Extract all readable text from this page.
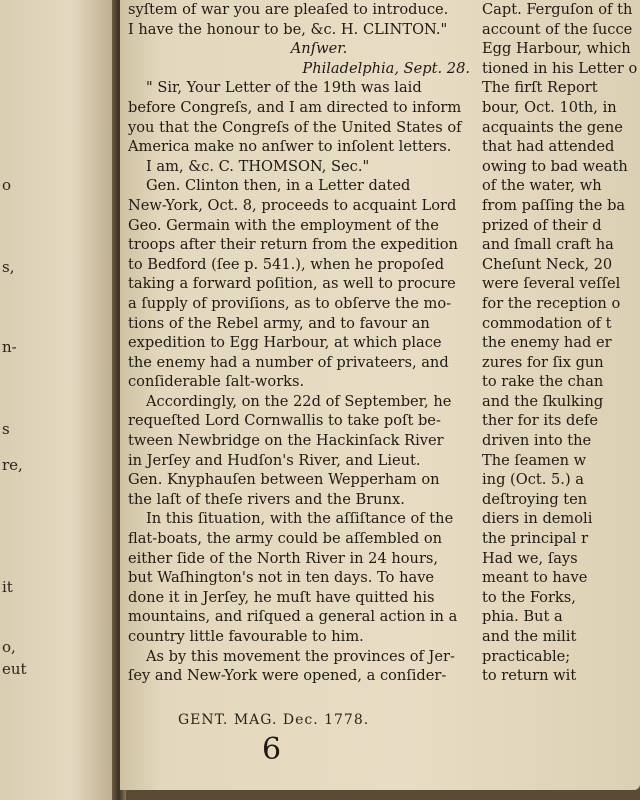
o
s,
n-
s
re,
it
o,
eut
syſtem of war you are pleaſed to introduce.
I have the honour to be, &c. H. CLINTON."
Anſwer.
Philadelphia, Sept. 28.
" Sir, Your Letter of the 19th was laid
before Congreſs, and I am directed to inform
you that the Congreſs of the United States of
America make no anſwer to inſolent letters.
I am, &c. C. THOMSON, Sec."
Gen. Clinton then, in a Letter dated
New-York, Oct. 8, proceeds to acquaint Lord
Geo. Germain with the employment of the
troops after their return from the expedition
to Bedford (ſee p. 541.), when he propoſed
taking a forward poſition, as well to procure
a ſupply of proviſions, as to obſerve the mo-
tions of the Rebel army, and to favour an
expedition to Egg Harbour, at which place
the enemy had a number of privateers, and
conſiderable ſalt-works.
Accordingly, on the 22d of September, he
requeſted Lord Cornwallis to take poſt be-
tween Newbridge on the Hackinſack River
in Jerſey and Hudſon's River, and Lieut.
Gen. Knyphauſen between Wepperham on
the laſt of theſe rivers and the Brunx.
In this ſituation, with the aſſiſtance of the
flat-boats, the army could be aſſembled on
either ſide of the North River in 24 hours,
but Waſhington's not in ten days. To have
done it in Jerſey, he muſt have quitted his
mountains, and riſqued a general action in a
country little favourable to him.
As by this movement the provinces of Jer-
ſey and New-York were opened, a conſider-
Capt. Ferguſon of th
account of the ſucce
Egg Harbour, which
tioned in his Letter o
The firſt Report
bour, Oct. 10th, in
acquaints the gene
that had attended
owing to bad weath
of the water, wh
from paſſing the ba
prized of their d
and ſmall craft ha
Cheſunt Neck, 20
were ſeveral veſſel
for the reception o
commodation of t
the enemy had er
zures for ſix gun
to rake the chan
and the ſkulking
ther for its defe
driven into the
The ſeamen w
ing (Oct. 5.) a
deſtroying ten
diers in demoli
the principal r
Had we, ſays
meant to have
to the Forks,
phia. But a
and the milit
practicable;
to return wit
GENT. MAG. Dec. 1778.
6
